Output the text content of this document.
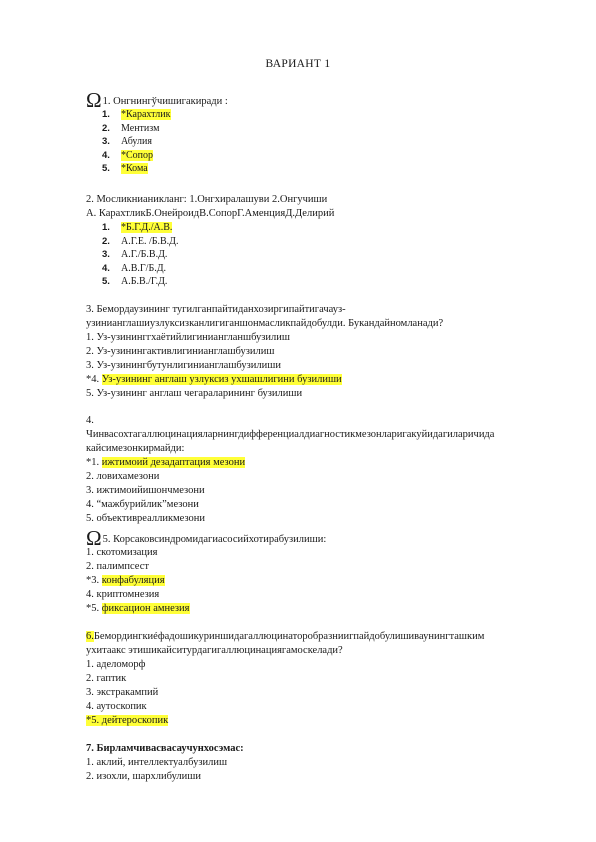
ВАРИАНТ 1
Ω1. Онгнингўчишигакиради :
1. *Карахтлик
2. Ментизм
3. Абулия
4. *Сопор
5. *Кома
2. Мосликнианикланг: 1.Онгхиралашуви 2.Онгучиши
А. КарахтликБ.ОнейроидВ.СопорГ.АменцияД.Делирий
1. *Б.Г.Д./А.В.
2. А.Г.Е. /Б.В.Д.
3. А.Г./Б.В.Д.
4. А.В.Г/Б.Д.
5. А.Б.В./Г.Д.
3. Бемордаузининг тугилганпайтиданхозиргипайтигачауз-
узинианглашиузлуксизканлигиганшонмасликпайдобулди. Букандайномланади?
1. Уз-узининггхаётийлигиниангланшбузилиш
2. Уз-узинингактивлигинианглашбузилиш
3. Уз-узинингбутунлигинианглашбузилиши
*4. Уз-узининг англаш узлуксиз ухшашлигини бузилиши
5. Уз-узининг англаш чегараларининг бузилиши
4.
Чинвасохтагаллюцинацияларнингдифференциалдиагностикмезонларигакуйидагиларичида
кайсимезонкирмайди:
*1. ижтимоий дезадаптация мезони
2. ловихамезони
3. ижтимоийишончмезони
4. “мажбурийлик”мезони
5. объективреалликмезони
Ω5. Корсаковсиндромидагиасосийхотирабузилиши:
1. скотомизация
2. палимпсест
*3. конфабуляция
4. криптомнезия
*5. фиксацион амнезия
6.Бемордингкиéфадошикуриншидагаллюцинаторобразниигпайдобулишиваунингташким
ухитаакс этишикайситурдагигаллюцинациягамоскелади?
1. аделоморф
2. гаптик
3. экстракампий
4. аутоскопик
*5. дейтероскопик
7. Бирламчивасвасаучунхосэмас:
1. аклий, интеллектуалбузилиш
2. изохли, шархлибулиши
